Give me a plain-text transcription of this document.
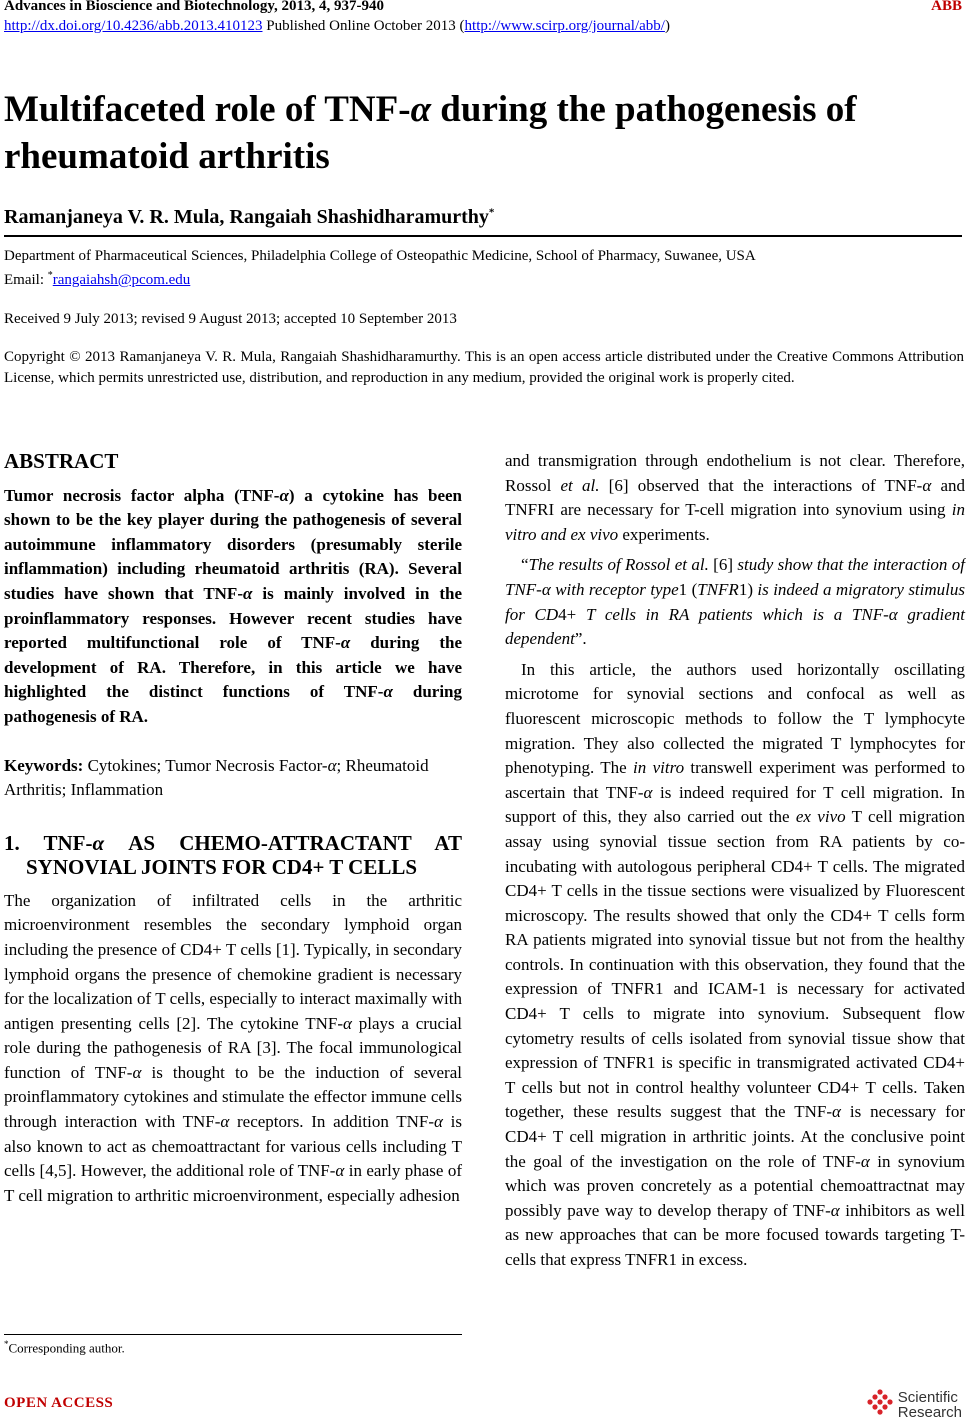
Advances in Bioscience and Biotechnology, 2013, 4, 937-940	ABB
http://dx.doi.org/10.4236/abb.2013.410123 Published Online October 2013 (http://www.scirp.org/journal/abb/)
Multifaceted role of TNF-α during the pathogenesis of rheumatoid arthritis
Ramanjaneya V. R. Mula, Rangaiah Shashidharamurthy*
Department of Pharmaceutical Sciences, Philadelphia College of Osteopathic Medicine, School of Pharmacy, Suwanee, USA
Email: *rangaiahsh@pcom.edu
Received 9 July 2013; revised 9 August 2013; accepted 10 September 2013
Copyright © 2013 Ramanjaneya V. R. Mula, Rangaiah Shashidharamurthy. This is an open access article distributed under the Creative Commons Attribution License, which permits unrestricted use, distribution, and reproduction in any medium, provided the original work is properly cited.
ABSTRACT

Tumor necrosis factor alpha (TNF-α) a cytokine has been shown to be the key player during the pathogenesis of several autoimmune inflammatory disorders (presumably sterile inflammation) including rheumatoid arthritis (RA). Several studies have shown that TNF-α is mainly involved in the proinflammatory responses. However recent studies have reported multifunctional role of TNF-α during the development of RA. Therefore, in this article we have highlighted the distinct functions of TNF-α during pathogenesis of RA.

Keywords: Cytokines; Tumor Necrosis Factor-α; Rheumatoid Arthritis; Inflammation

1. TNF-α AS CHEMO-ATTRACTANT AT SYNOVIAL JOINTS FOR CD4+ T CELLS

The organization of infiltrated cells in the arthritic microenvironment resembles the secondary lymphoid organ including the presence of CD4+ T cells [1]. Typically, in secondary lymphoid organs the presence of chemokine gradient is necessary for the localization of T cells, especially to interact maximally with antigen presenting cells [2]. The cytokine TNF-α plays a crucial role during the pathogenesis of RA [3]. The focal immunological function of TNF-α is thought to be the induction of several proinflammatory cytokines and stimulate the effector immune cells through interaction with TNF-α receptors. In addition TNF-α is also known to act as chemoattractant for various cells including T cells [4,5]. However, the additional role of TNF-α in early phase of T cell migration to arthritic microenvironment, especially adhesion

and transmigration through endothelium is not clear. Therefore, Rossol et al. [6] observed that the interactions of TNF-α and TNFRI are necessary for T-cell migration into synovium using in vitro and ex vivo experiments.

“The results of Rossol et al. [6] study show that the interaction of TNF-α with receptor type1 (TNFR1) is indeed a migratory stimulus for CD4+ T cells in RA patients which is a TNF-α gradient dependent”.

In this article, the authors used horizontally oscillating microtome for synovial sections and confocal as well as fluorescent microscopic methods to follow the T lymphocyte migration. They also collected the migrated T lymphocytes for phenotyping. The in vitro transwell experiment was performed to ascertain that TNF-α is indeed required for T cell migration. In support of this, they also carried out the ex vivo T cell migration assay using synovial tissue section from RA patients by co-incubating with autologous peripheral CD4+ T cells. The migrated CD4+ T cells in the tissue sections were visualized by Fluorescent microscopy. The results showed that only the CD4+ T cells form RA patients migrated into synovial tissue but not from the healthy controls. In continuation with this observation, they found that the expression of TNFR1 and ICAM-1 is necessary for activated CD4+ T cells to migrate into synovium. Subsequent flow cytometry results of cells isolated from synovial tissue show that expression of TNFR1 is specific in transmigrated activated CD4+ T cells but not in control healthy volunteer CD4+ T cells. Taken together, these results suggest that the TNF-α is necessary for CD4+ T cell migration in arthritic joints. At the conclusive point the goal of the investigation on the role of TNF-α in synovium which was proven concretely as a potential chemoattractnat may possibly pave way to develop therapy of TNF-α inhibitors as well as new approaches that can be more focused towards targeting T-cells that express TNFR1 in excess.

*Corresponding author.
OPEN ACCESS	Scientific
Research
